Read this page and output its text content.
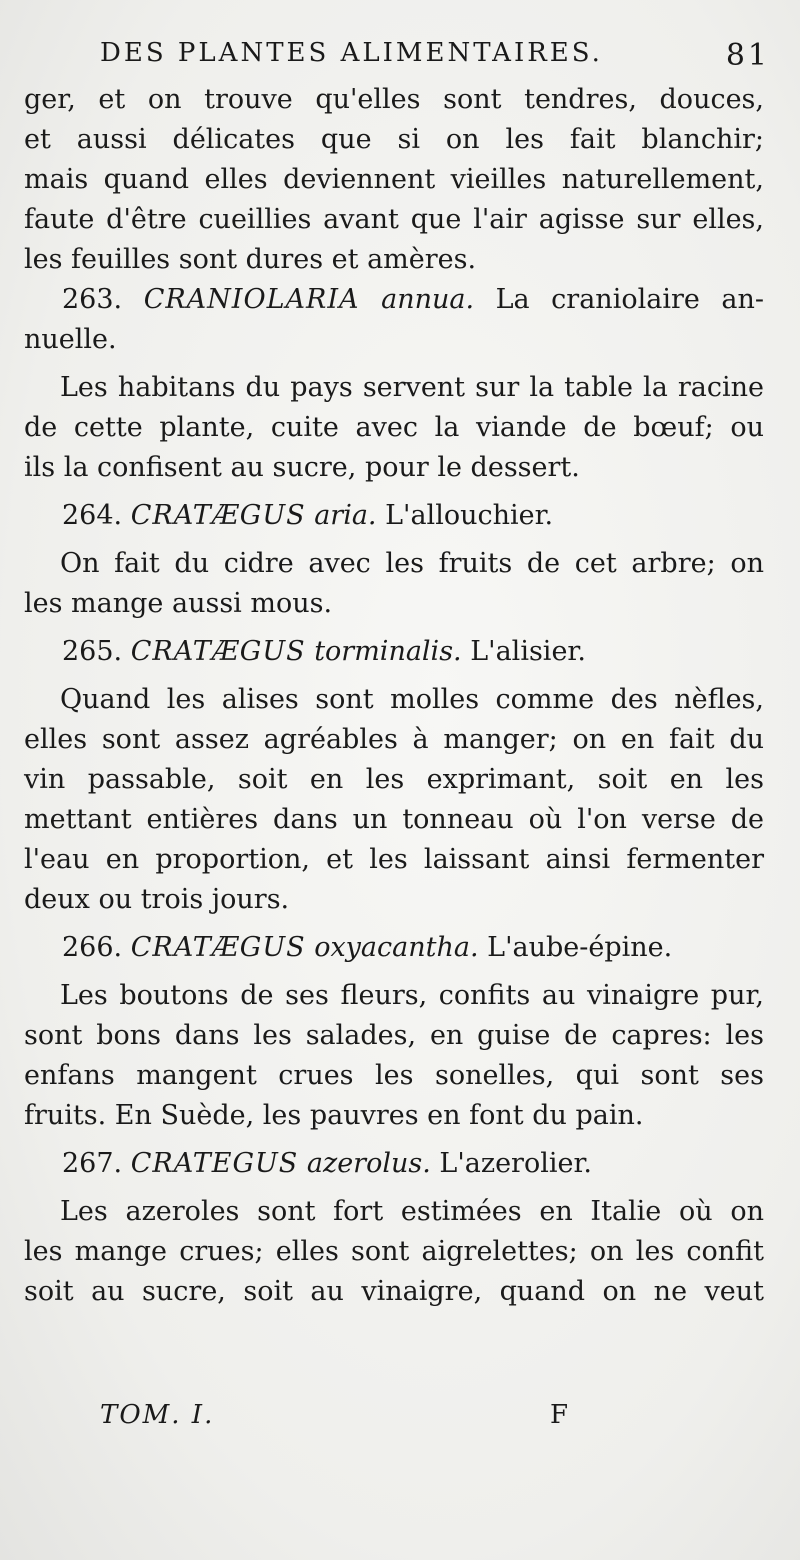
DES PLANTES ALIMENTAIRES.	81
ger, et on trouve qu'elles sont tendres, douces,
et aussi délicates que si on les fait blanchir;
mais quand elles deviennent vieilles naturellement,
faute d'être cueillies avant que l'air agisse sur elles,
les feuilles sont dures et amères.
263. CRANIOLARIA annua. La craniolaire an-
nuelle.
Les habitans du pays servent sur la table la racine
de cette plante, cuite avec la viande de bœuf; ou
ils la confisent au sucre, pour le dessert.
264. CRATÆGUS aria. L'allouchier.
On fait du cidre avec les fruits de cet arbre; on
les mange aussi mous.
265. CRATÆGUS torminalis. L'alisier.
Quand les alises sont molles comme des nèfles,
elles sont assez agréables à manger; on en fait du
vin passable, soit en les exprimant, soit en les
mettant entières dans un tonneau où l'on verse de
l'eau en proportion, et les laissant ainsi fermenter
deux ou trois jours.
266. CRATÆGUS oxyacantha. L'aube-épine.
Les boutons de ses fleurs, confits au vinaigre pur,
sont bons dans les salades, en guise de capres: les
enfans mangent crues les sonelles, qui sont ses
fruits. En Suède, les pauvres en font du pain.
267. CRATEGUS azerolus. L'azerolier.
Les azeroles sont fort estimées en Italie où on
les mange crues; elles sont aigrelettes; on les confit
soit au sucre, soit au vinaigre, quand on ne veut
TOM. I.	F
